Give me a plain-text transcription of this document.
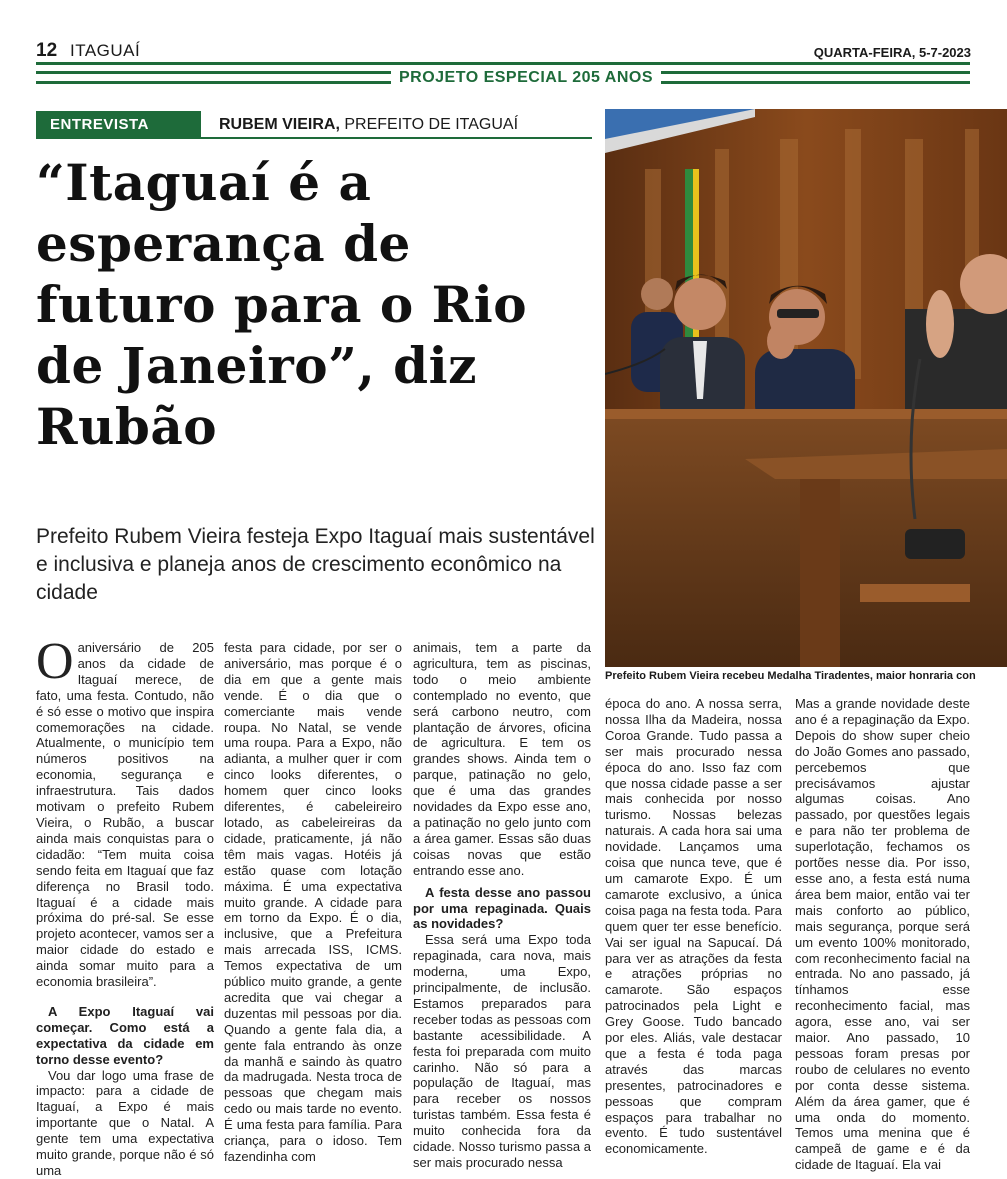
12 ITAGUAÍ	QUARTA-FEIRA, 5-7-2023
PROJETO ESPECIAL 205 ANOS
ENTREVISTA	RUBEM VIEIRA, PREFEITO DE ITAGUAÍ
“Itaguaí é a esperança de futuro para o Rio de Janeiro”, diz Rubão
Prefeito Rubem Vieira festeja Expo Itaguaí mais sustentável e inclusiva e planeja anos de crescimento econômico na cidade
Prefeito Rubem Vieira recebeu Medalha Tiradentes, maior honraria con
O aniversário de 205 anos da cidade de Itaguaí merece, de fato, uma festa. Contudo, não é só esse o motivo que inspira comemorações na cidade. Atualmente, o município tem números positivos na economia, segurança e infraestrutura. Tais dados motivam o prefeito Rubem Vieira, o Rubão, a buscar ainda mais conquistas para o cidadão: “Tem muita coisa sendo feita em Itaguaí que faz diferença no Brasil todo. Itaguaí é a cidade mais próxima do pré-sal. Se esse projeto acontecer, vamos ser a maior cidade do estado e ainda somar muito para a economia brasileira”.

A Expo Itaguaí vai começar. Como está a expectativa da cidade em torno desse evento?

Vou dar logo uma frase de impacto: para a cidade de Itaguaí, a Expo é mais importante que o Natal. A gente tem uma expectativa muito grande, porque não é só uma

festa para cidade, por ser o aniversário, mas porque é o dia em que a gente mais vende. É o dia que o comerciante mais vende roupa. No Natal, se vende uma roupa. Para a Expo, não adianta, a mulher quer ir com cinco looks diferentes, o homem quer cinco looks diferentes, é cabeleireiro lotado, as cabeleireiras da cidade, praticamente, já não têm mais vagas. Hotéis já estão quase com lotação máxima. É uma expectativa muito grande. A cidade para em torno da Expo. É o dia, inclusive, que a Prefeitura mais arrecada ISS, ICMS. Temos expectativa de um público muito grande, a gente acredita que vai chegar a duzentas mil pessoas por dia. Quando a gente fala dia, a gente fala entrando às onze da manhã e saindo às quatro da madrugada. Nesta troca de pessoas que chegam mais cedo ou mais tarde no evento. É uma festa para família. Para criança, para o idoso. Tem fazendinha com

animais, tem a parte da agricultura, tem as piscinas, todo o meio ambiente contemplado no evento, que será carbono neutro, com plantação de árvores, oficina de agricultura. E tem os grandes shows. Ainda tem o parque, patinação no gelo, que é uma das grandes novidades da Expo esse ano, a patinação no gelo junto com a área gamer. Essas são duas coisas novas que estão entrando esse ano.

A festa desse ano passou por uma repaginada. Quais as novidades?

Essa será uma Expo toda repaginada, cara nova, mais moderna, uma Expo, principalmente, de inclusão. Estamos preparados para receber todas as pessoas com bastante acessibilidade. A festa foi preparada com muito carinho. Não só para a população de Itaguaí, mas para receber os nossos turistas também. Essa festa é muito conhecida fora da cidade. Nosso turismo passa a ser mais procurado nessa

época do ano. A nossa serra, nossa Ilha da Madeira, nossa Coroa Grande. Tudo passa a ser mais procurado nessa época do ano. Isso faz com que nossa cidade passe a ser mais conhecida por nosso turismo. Nossas belezas naturais. A cada hora sai uma novidade. Lançamos uma coisa que nunca teve, que é um camarote Expo. É um camarote exclusivo, a única coisa paga na festa toda. Para quem quer ter esse benefício. Vai ser igual na Sapucaí. Dá para ver as atrações da festa e atrações próprias no camarote. São espaços patrocinados pela Light e Grey Goose. Tudo bancado por eles. Aliás, vale destacar que a festa é toda paga através das marcas presentes, patrocinadores e pessoas que compram espaços para trabalhar no evento. É tudo sustentável economicamente.

Mas a grande novidade deste ano é a repaginação da Expo. Depois do show super cheio do João Gomes ano passado, percebemos que precisávamos ajustar algumas coisas. Ano passado, por questões legais e para não ter problema de superlotação, fechamos os portões nesse dia. Por isso, esse ano, a festa está numa área bem maior, então vai ter mais conforto ao público, mais segurança, porque será um evento 100% monitorado, com reconhecimento facial na entrada. No ano passado, já tínhamos esse reconhecimento facial, mas agora, esse ano, vai ser maior. Ano passado, 10 pessoas foram presas por roubo de celulares no evento por conta desse sistema. Além da área gamer, que é uma onda do momento. Temos uma menina que é campeã de game e é da cidade de Itaguaí. Ela vai
